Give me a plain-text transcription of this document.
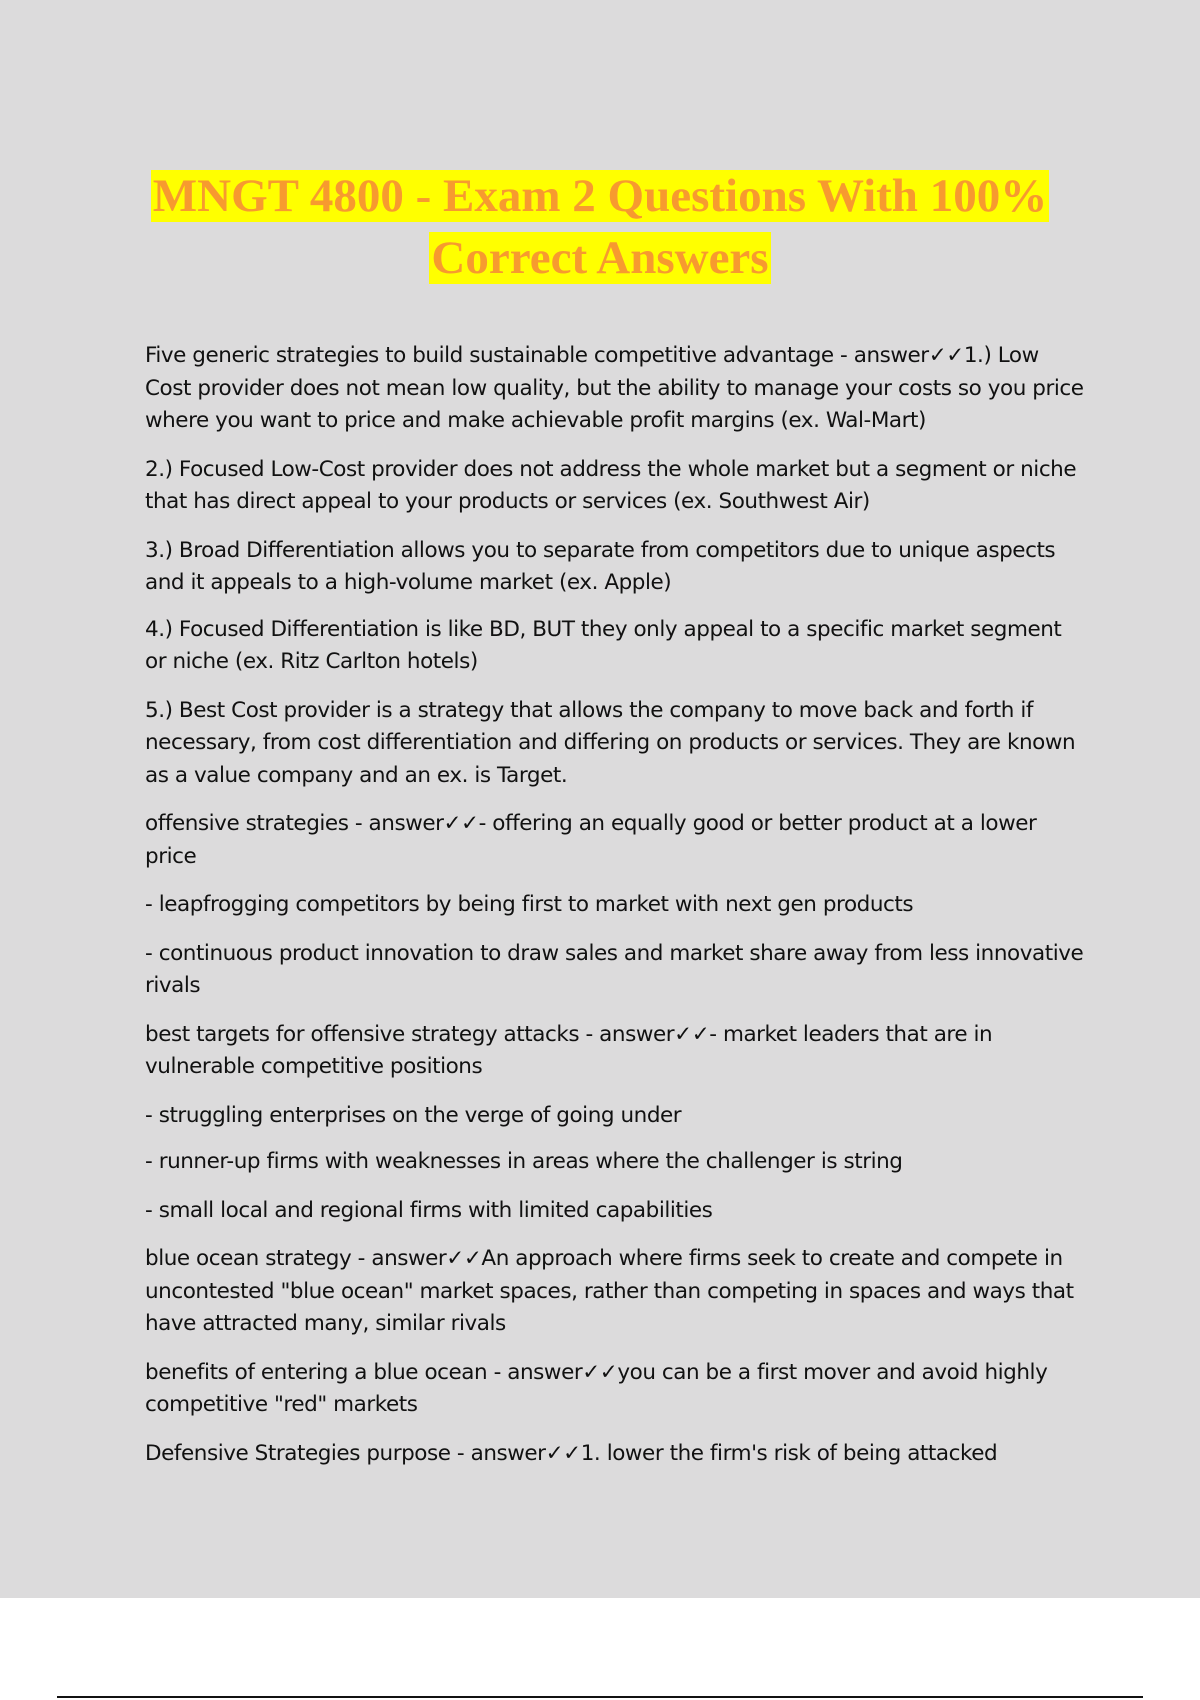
MNGT 4800 - Exam 2 Questions With 100%
Correct Answers

Five generic strategies to build sustainable competitive advantage - answer✓✓1.) Low Cost provider does not mean low quality, but the ability to manage your costs so you price where you want to price and make achievable profit margins (ex. Wal-Mart)

2.) Focused Low-Cost provider does not address the whole market but a segment or niche that has direct appeal to your products or services (ex. Southwest Air)

3.) Broad Differentiation allows you to separate from competitors due to unique aspects and it appeals to a high-volume market (ex. Apple)

4.) Focused Differentiation is like BD, BUT they only appeal to a specific market segment or niche (ex. Ritz Carlton hotels)

5.) Best Cost provider is a strategy that allows the company to move back and forth if necessary, from cost differentiation and differing on products or services. They are known as a value company and an ex. is Target.

offensive strategies - answer✓✓- offering an equally good or better product at a lower price

- leapfrogging competitors by being first to market with next gen products

- continuous product innovation to draw sales and market share away from less innovative rivals

best targets for offensive strategy attacks - answer✓✓- market leaders that are in vulnerable competitive positions

- struggling enterprises on the verge of going under

- runner-up firms with weaknesses in areas where the challenger is string

- small local and regional firms with limited capabilities

blue ocean strategy - answer✓✓An approach where firms seek to create and compete in uncontested "blue ocean" market spaces, rather than competing in spaces and ways that have attracted many, similar rivals

benefits of entering a blue ocean - answer✓✓you can be a first mover and avoid highly competitive "red" markets

Defensive Strategies purpose - answer✓✓1. lower the firm's risk of being attacked
